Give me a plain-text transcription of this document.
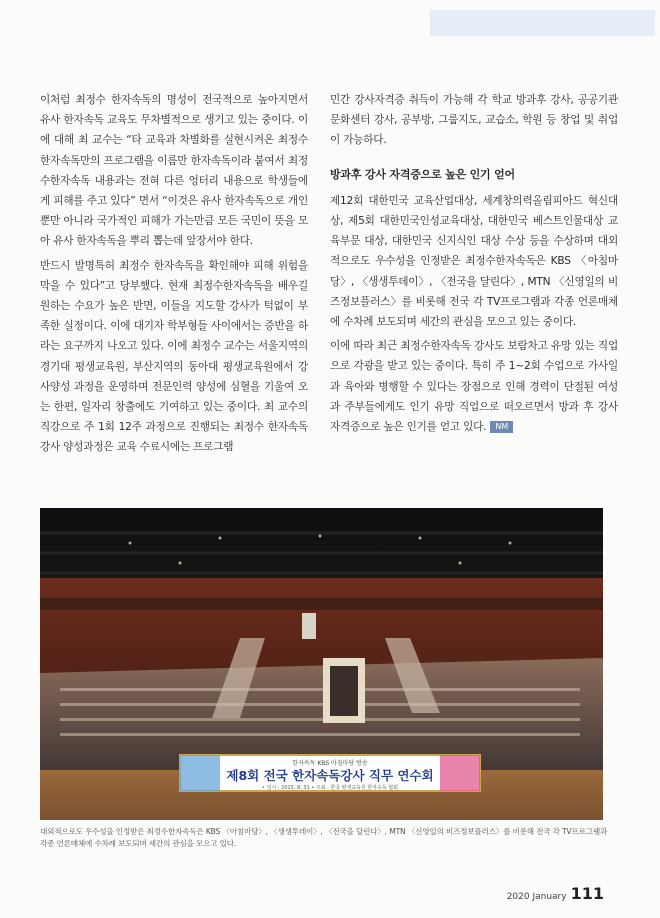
이처럼 최정수 한자속독의 명성이 전국적으로 높아지면서 유사 한자속독 교육도 무차별적으로 생기고 있는 중이다. 이에 대해 최 교수는 “타 교육과 차별화를 실현시켜온 최정수한자속독만의 프로그램을 이름만 한자속독이라 붙여서 최정수한자속독 내용과는 전혀 다른 엉터리 내용으로 학생들에게 피해를 주고 있다” 면서 “이것은 유사 한자속독으로 개인뿐만 아니라 국가적인 피해가 가는만큼 모든 국민이 뜻을 모아 유사 한자속독을 뿌리 뽑는데 앞장서야 한다.

반드시 발명특허 최정수 한자속독을 확인해야 피해 위험을 막을 수 있다”고 당부했다. 현재 최정수한자속독을 배우길 원하는 수요가 높은 반면, 이들을 지도할 강사가 턱없이 부족한 실정이다. 이에 대기자 학부형들 사이에서는 증반을 하라는 요구까지 나오고 있다. 이에 최정수 교수는 서울지역의 경기대 평생교육원, 부산지역의 동아대 평생교육원에서 강사양성 과정을 운영하며 전문인력 양성에 심혈을 기울여 오는 한편, 일자리 창출에도 기여하고 있는 중이다. 최 교수의 직강으로 주 1회 12주 과정으로 진행되는 최정수 한자속독 강사 양성과정은 교육 수료시에는 프로그램

민간 강사자격증 취득이 가능해 각 학교 방과후 강사, 공공기관문화센터 강사, 공부방, 그룹지도, 교습소, 학원 등 창업 및 취업이 가능하다.

방과후 강사 자격증으로 높은 인기 얻어

제12회 대한민국 교육산업대상, 세계창의력올림피아드 혁신대상, 제5회 대한민국인성교육대상, 대한민국 베스트인물대상 교육부문 대상, 대한민국 신지식인 대상 수상 등을 수상하며 대외적으로도 우수성을 인정받은 최정수한자속독은 KBS 〈아침마당〉, 〈생생투데이〉, 〈전국을 달린다〉, MTN 〈신영일의 비즈정보플러스〉를 비롯해 전국 각 TV프로그램과 각종 언론매체에 수차례 보도되며 세간의 관심을 모으고 있는 중이다.

이에 따라 최근 최정수한자속독 강사도 보람차고 유망 있는 직업으로 각광을 받고 있는 중이다. 특히 주 1~2회 수업으로 가사일과 육아와 병행할 수 있다는 장점으로 인해 경력이 단절된 여성과 주부들에게도 인기 유망 직업으로 떠오르면서 방과 후 강사 자격증으로 높은 인기를 얻고 있다. NM

한자속독 KBS 아침마당 방송
제8회 전국 한자속독강사 직무 연수회
• 일시 : 2015. 8. 31 • 주최 : 한국 평생교육원 한자속독 협회
대외적으로도 우수성을 인정받은 최정수한자속독은 KBS 〈아침마당〉, 〈생생투데이〉, 〈전국을 달린다〉, MTN 〈신영일의 비즈정보플러스〉를 비롯해 전국 각 TV프로그램과 각종 언론매체에 수차례 보도되며 세간의 관심을 모으고 있다.
2020 January 111
